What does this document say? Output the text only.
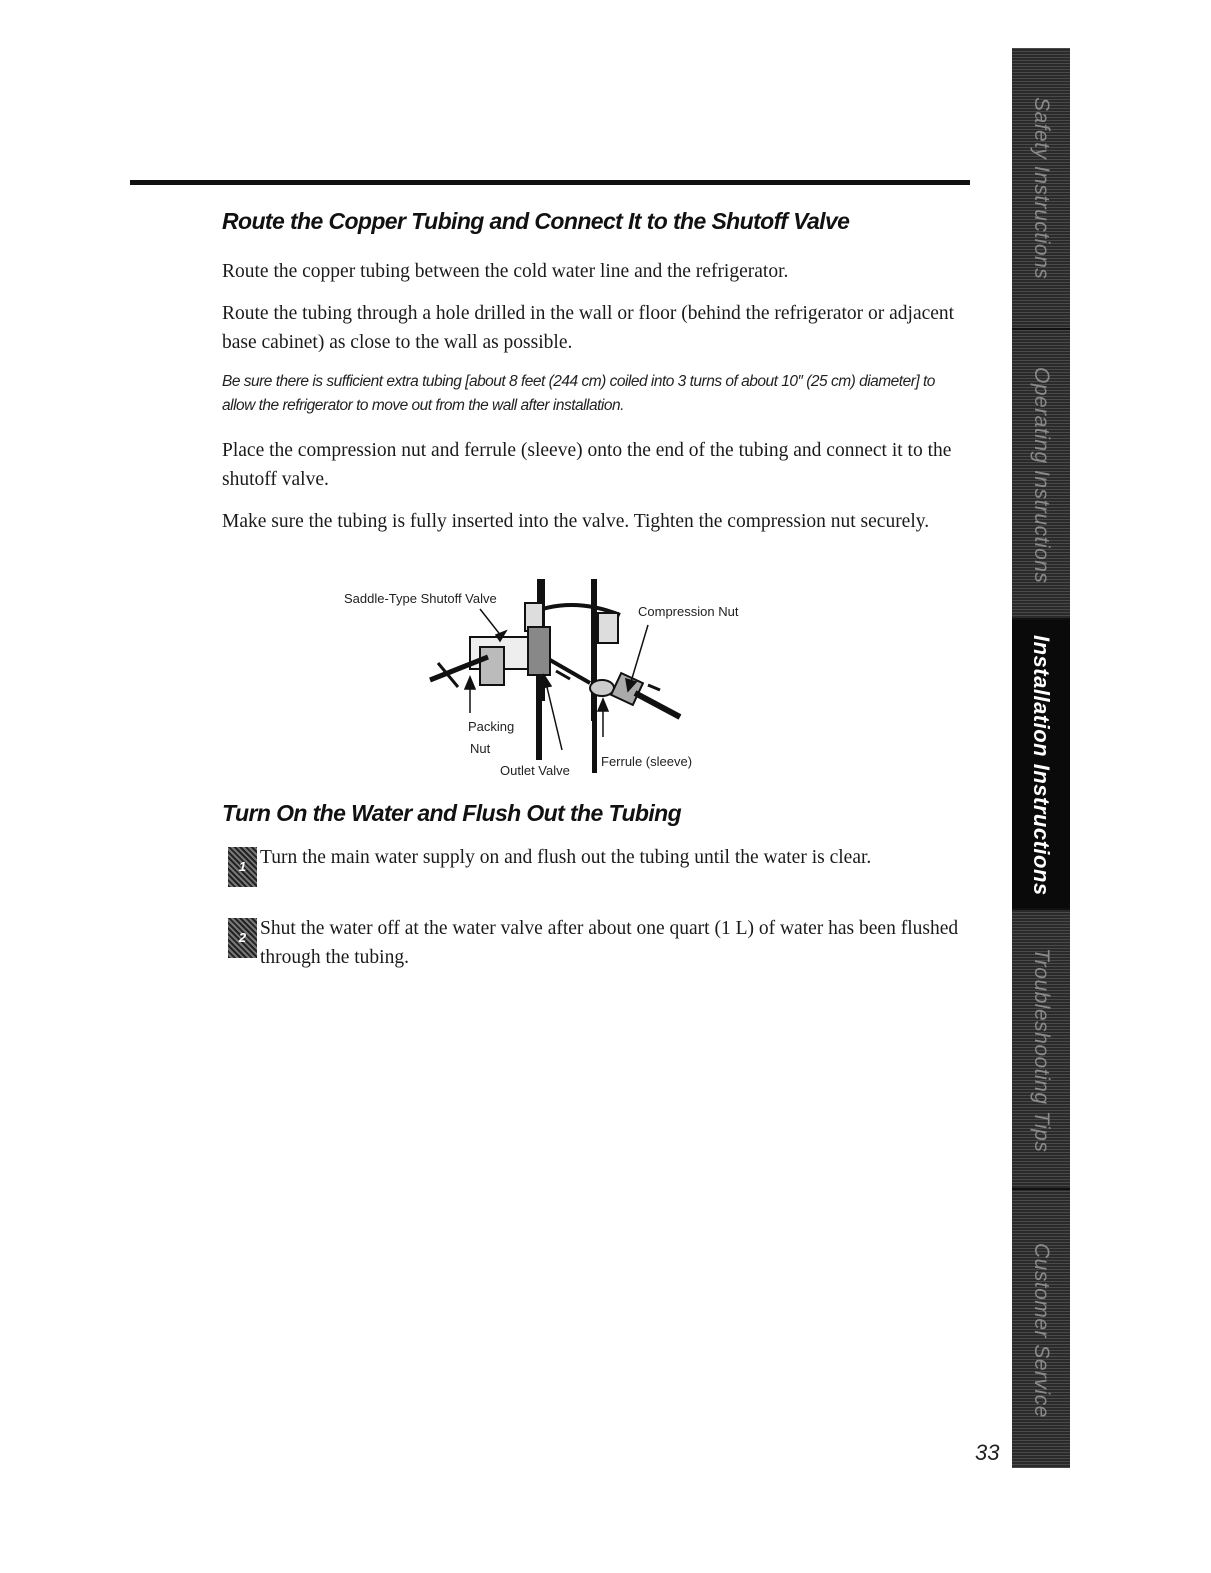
Route the Copper Tubing and Connect It to the Shutoff Valve

Route the copper tubing between the cold water line and the refrigerator.

Route the tubing through a hole drilled in the wall or floor (behind the refrigerator or adjacent base cabinet) as close to the wall as possible.

Be sure there is sufficient extra tubing [about 8 feet (244 cm) coiled into 3 turns of about 10″ (25 cm) diameter] to allow the refrigerator to move out from the wall after installation.

Place the compression nut and ferrule (sleeve) onto the end of the tubing and connect it to the shutoff valve.

Make sure the tubing is fully inserted into the valve. Tighten the compression nut securely.

Saddle-Type Shutoff Valve
Compression Nut
Packing
Nut
Outlet Valve
Ferrule (sleeve)
Turn On the Water and Flush Out the Tubing
1 Turn the main water supply on and flush out the tubing until the water is clear.
2 Shut the water off at the water valve after about one quart (1 L) of water has been flushed through the tubing.
Safety Instructions
Operating Instructions
Installation Instructions
Troubleshooting Tips
Customer Service
33
